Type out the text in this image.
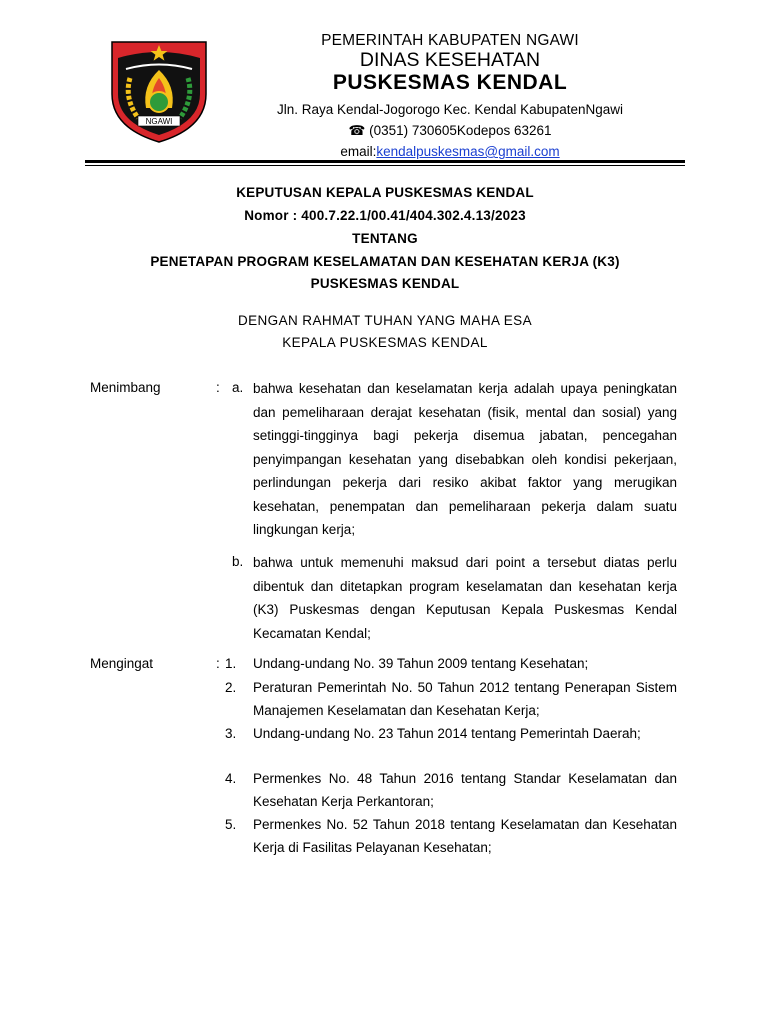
NGAWI
PEMERINTAH KABUPATEN NGAWI
DINAS KESEHATAN
PUSKESMAS KENDAL
Jln. Raya Kendal-Jogorogo Kec. Kendal KabupatenNgawi
☎ (0351) 730605Kodepos 63261
email:kendalpuskesmas@gmail.com
KEPUTUSAN KEPALA PUSKESMAS KENDAL
Nomor : 400.7.22.1/00.41/404.302.4.13/2023
TENTANG
PENETAPAN PROGRAM KESELAMATAN DAN KESEHATAN KERJA (K3)
PUSKESMAS KENDAL
DENGAN RAHMAT TUHAN YANG MAHA ESA
KEPALA PUSKESMAS KENDAL
Menimbang	: a. bahwa kesehatan dan keselamatan kerja adalah upaya peningkatan dan pemeliharaan derajat kesehatan (fisik, mental dan sosial) yang setinggi-tingginya bagi pekerja disemua jabatan, pencegahan penyimpangan kesehatan yang disebabkan oleh kondisi pekerjaan, perlindungan pekerja dari resiko akibat faktor yang merugikan kesehatan, penempatan dan pemeliharaan pekerja dalam suatu lingkungan kerja;
b. bahwa untuk memenuhi maksud dari point a tersebut diatas perlu dibentuk dan ditetapkan program keselamatan dan kesehatan kerja (K3) Puskesmas dengan Keputusan Kepala Puskesmas Kendal Kecamatan Kendal;
Mengingat	: 1. Undang-undang No. 39 Tahun 2009 tentang Kesehatan;
2. Peraturan Pemerintah No. 50 Tahun 2012 tentang Penerapan Sistem Manajemen Keselamatan dan Kesehatan Kerja;
3. Undang-undang No. 23 Tahun 2014 tentang Pemerintah Daerah;
4. Permenkes No. 48 Tahun 2016 tentang Standar Keselamatan dan Kesehatan Kerja Perkantoran;
5. Permenkes No. 52 Tahun 2018 tentang Keselamatan dan Kesehatan Kerja di Fasilitas Pelayanan Kesehatan;
